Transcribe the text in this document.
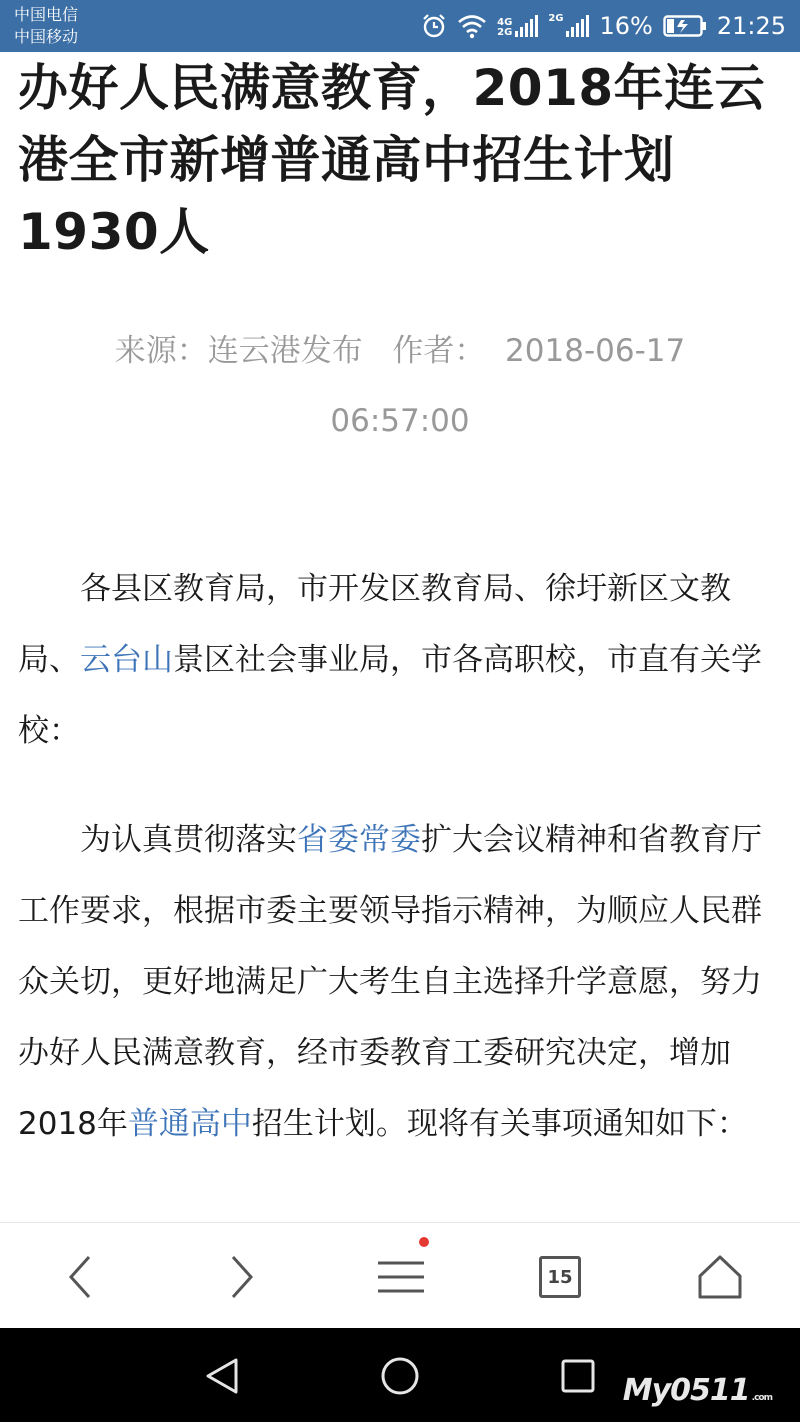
中国电信
中国移动
4G
2G
2G 16%	21:25
办好人民满意教育，2018年连云港全市新增普通高中招生计划1930人
来源：连云港发布 作者： 2018-06-17 06:57:00

各县区教育局，市开发区教育局、徐圩新区文教局、云台山景区社会事业局，市各高职校，市直有关学校：

为认真贯彻落实省委常委扩大会议精神和省教育厅工作要求，根据市委主要领导指示精神，为顺应人民群众关切，更好地满足广大考生自主选择升学意愿，努力办好人民满意教育，经市委教育工委研究决定，增加2018年普通高中招生计划。现将有关事项通知如下：

15
My0511 .com
